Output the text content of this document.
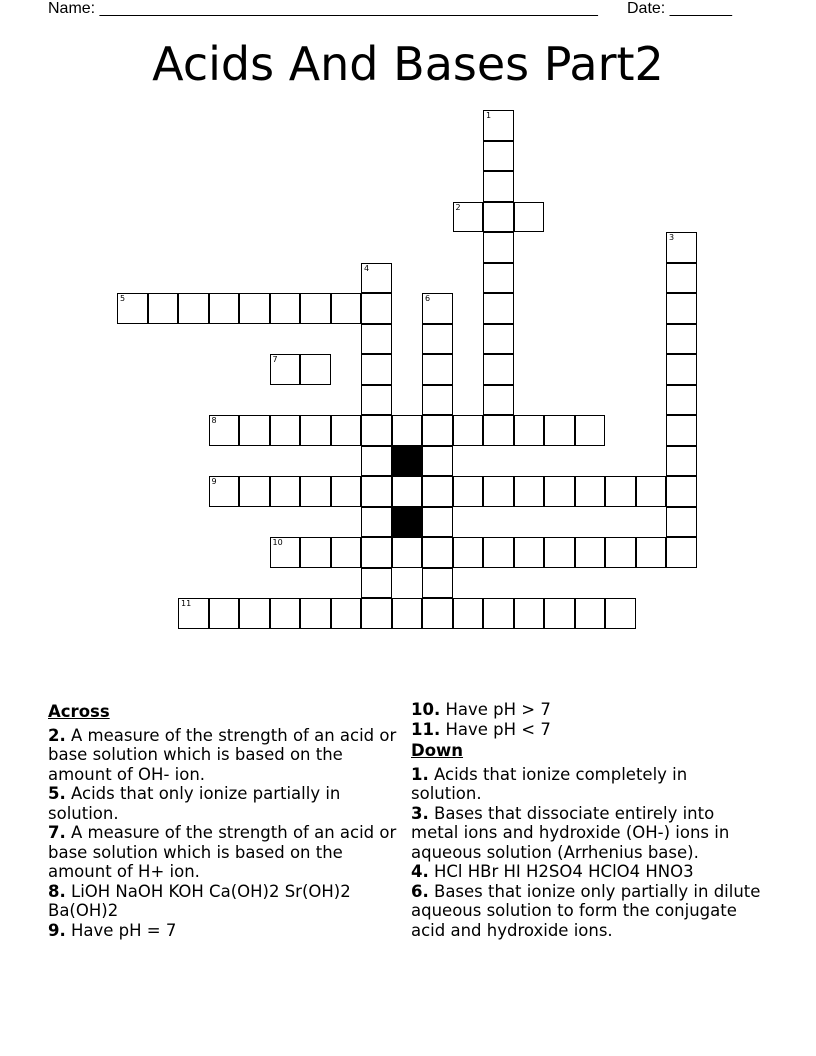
Name: ________________________________________________________ Date: _______
Acids And Bases Part2
1
2
3
4
5	6
7
8
9
10
11
Across
2. A measure of the strength of an acid or base solution which is based on the amount of OH- ion.
5. Acids that only ionize partially in solution.
7. A measure of the strength of an acid or base solution which is based on the amount of H+ ion.
8. LiOH NaOH KOH Ca(OH)2 Sr(OH)2 Ba(OH)2
9. Have pH = 7
10. Have pH > 7
11. Have pH < 7
Down
1. Acids that ionize completely in solution.
3. Bases that dissociate entirely into metal ions and hydroxide (OH-) ions in aqueous solution (Arrhenius base).
4. HCl HBr HI H2SO4 HClO4 HNO3
6. Bases that ionize only partially in dilute aqueous solution to form the conjugate acid and hydroxide ions.
